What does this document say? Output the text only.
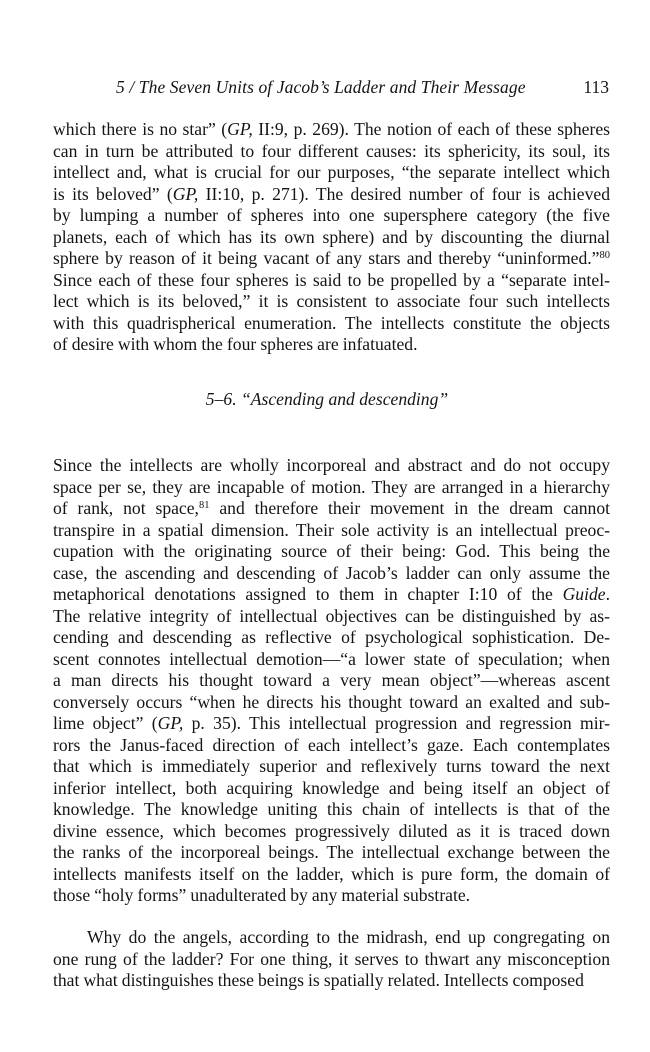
5 / The Seven Units of Jacob’s Ladder and Their Message	113
which there is no star” (GP, II:9, p. 269). The notion of each of these spheres
can in turn be attributed to four different causes: its sphericity, its soul, its
intellect and, what is crucial for our purposes, “the separate intellect which
is its beloved” (GP, II:10, p. 271). The desired number of four is achieved
by lumping a number of spheres into one supersphere category (the five
planets, each of which has its own sphere) and by discounting the diurnal
sphere by reason of it being vacant of any stars and thereby “uninformed.”$^{80}$
Since each of these four spheres is said to be propelled by a “separate intel-
lect which is its beloved,” it is consistent to associate four such intellects
with this quadrispherical enumeration. The intellects constitute the objects
of desire with whom the four spheres are infatuated.
5–6. “Ascending and descending”
Since the intellects are wholly incorporeal and abstract and do not occupy
space per se, they are incapable of motion. They are arranged in a hierarchy
of rank, not space,$^{81}$ and therefore their movement in the dream cannot
transpire in a spatial dimension. Their sole activity is an intellectual preoc-
cupation with the originating source of their being: God. This being the
case, the ascending and descending of Jacob’s ladder can only assume the
metaphorical denotations assigned to them in chapter I:10 of the Guide.
The relative integrity of intellectual objectives can be distinguished by as-
cending and descending as reflective of psychological sophistication. De-
scent connotes intellectual demotion—“a lower state of speculation; when
a man directs his thought toward a very mean object”—whereas ascent
conversely occurs “when he directs his thought toward an exalted and sub-
lime object” (GP, p. 35). This intellectual progression and regression mir-
rors the Janus-faced direction of each intellect’s gaze. Each contemplates
that which is immediately superior and reflexively turns toward the next
inferior intellect, both acquiring knowledge and being itself an object of
knowledge. The knowledge uniting this chain of intellects is that of the
divine essence, which becomes progressively diluted as it is traced down
the ranks of the incorporeal beings. The intellectual exchange between the
intellects manifests itself on the ladder, which is pure form, the domain of
those “holy forms” unadulterated by any material substrate.
Why do the angels, according to the midrash, end up congregating on
one rung of the ladder? For one thing, it serves to thwart any misconception
that what distinguishes these beings is spatially related. Intellects composed
